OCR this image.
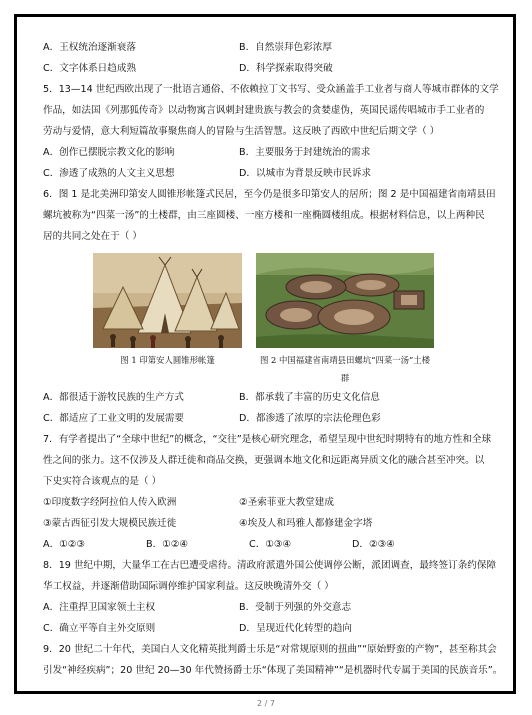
A．王权统治逐渐衰落	B．自然崇拜色彩浓厚
C．文字体系日趋成熟	D．科学探索取得突破
5．13—14 世纪西欧出现了一批语言通俗、不依赖拉丁文书写、受众涵盖手工业者与商人等城市群体的文学
作品，如法国《列那狐传奇》以动物寓言讽刺封建贵族与教会的贪婪虚伪，英国民谣传唱城市手工业者的
劳动与爱情，意大利短篇故事聚焦商人的冒险与生活智慧。这反映了西欧中世纪后期文学（ ）
A．创作已摆脱宗教文化的影响	B．主要服务于封建统治的需求
C．渗透了成熟的人文主义思想	D．以城市为背景反映市民诉求
6．图 1 是北美洲印第安人圆锥形帐篷式民居，至今仍是很多印第安人的居所；图 2 是中国福建省南靖县田
螺坑被称为“四菜一汤”的土楼群，由三座圆楼、一座方楼和一座椭圆楼组成。根据材料信息，以上两种民
居的共同之处在于（ ）
图 1 印第安人圆锥形帐篷	图 2 中国福建省南靖县田螺坑“四菜一汤”土楼群
A．都很适于游牧民族的生产方式	B．都承载了丰富的历史文化信息
C．都适应了工业文明的发展需要	D．都渗透了浓厚的宗法伦理色彩
7．有学者提出了“全球中世纪”的概念，“交往”是核心研究理念，希望呈现中世纪时期特有的地方性和全球
性之间的张力。这不仅涉及人群迁徙和商品交换，更强调本地文化和远距离异质文化的融合甚至冲突。以
下史实符合该观点的是（ ）
①印度数字经阿拉伯人传入欧洲	②圣索菲亚大教堂建成
③蒙古西征引发大规模民族迁徙	④埃及人和玛雅人都修建金字塔
A．①②③	B．①②④	C．①③④	D．②③④
8．19 世纪中期，大量华工在古巴遭受虐待。清政府派遣外国公使调停公断，派团调查，最终签订条约保障
华工权益，并逐渐借助国际调停维护国家利益。这反映晚清外交（ ）
A．注重捍卫国家领土主权	B．受制于列强的外交意志
C．确立平等自主外交原则	D．呈现近代化转型的趋向
9．20 世纪二十年代，美国白人文化精英批判爵士乐是“对常规原则的扭曲”“原始野蛮的产物”，甚至称其会
引发“神经疾病”；20 世纪 20—30 年代赞扬爵士乐“体现了美国精神”“是机器时代专属于美国的民族音乐”。
2 / 7
